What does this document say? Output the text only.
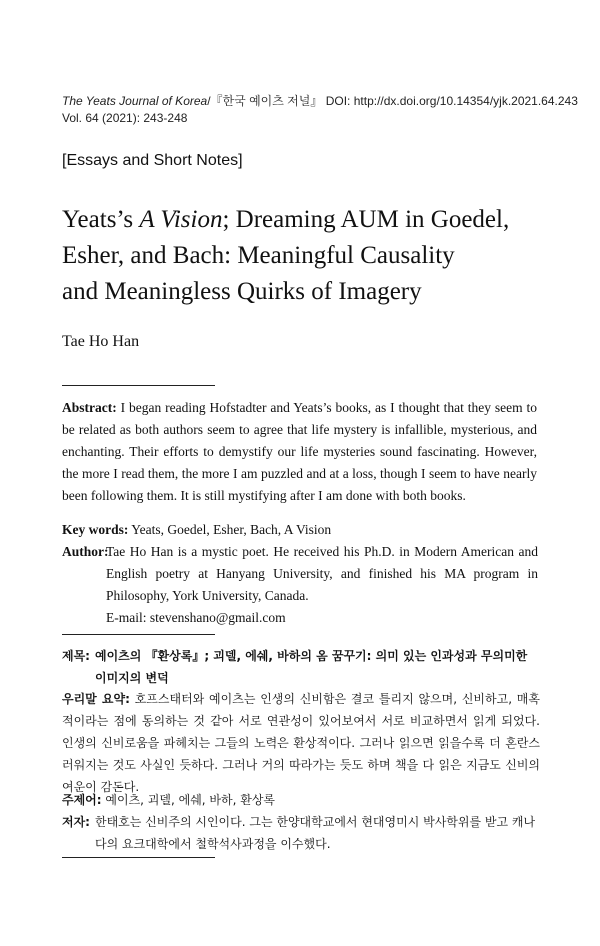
The Yeats Journal of Korea/『한국 예이츠 저널』 DOI: http://dx.doi.org/10.14354/yjk.2021.64.243
Vol. 64 (2021): 243-248
[Essays and Short Notes]
Yeats’s A Vision; Dreaming AUM in Goedel,
Esher, and Bach: Meaningful Causality
and Meaningless Quirks of Imagery
Tae Ho Han
Abstract: I began reading Hofstadter and Yeats’s books, as I thought that they seem to be related as both authors seem to agree that life mystery is infallible, mysterious, and enchanting. Their efforts to demystify our life mysteries sound fascinating. However, the more I read them, the more I am puzzled and at a loss, though I seem to have nearly been following them. It is still mystifying after I am done with both books.
Key words: Yeats, Goedel, Esher, Bach, A Vision
Author:
Tae Ho Han is a mystic poet. He received his Ph.D. in Modern American and English poetry at Hanyang University, and finished his MA program in Philosophy, York University, Canada.
E-mail: stevenshano@gmail.com
제목: 예이츠의 『환상록』; 괴델, 에쉐, 바하의 옴 꿈꾸기: 의미 있는 인과성과 무의미한 이미지의 변덕
우리말 요약: 호프스태터와 예이츠는 인생의 신비함은 결코 틀리지 않으며, 신비하고, 매혹적이라는 점에 동의하는 것 같아 서로 연관성이 있어보여서 서로 비교하면서 읽게 되었다. 인생의 신비로움을 파헤치는 그들의 노력은 환상적이다. 그러나 읽으면 읽을수록 더 혼란스러워지는 것도 사실인 듯하다. 그러나 거의 따라가는 듯도 하며 책을 다 읽은 지금도 신비의 여운이 감돈다.
주제어: 예이츠, 괴델, 에쉐, 바하, 환상록
저자: 한태호는 신비주의 시인이다. 그는 한양대학교에서 현대영미시 박사학위를 받고 캐나다의 요크대학에서 철학석사과정을 이수했다.
